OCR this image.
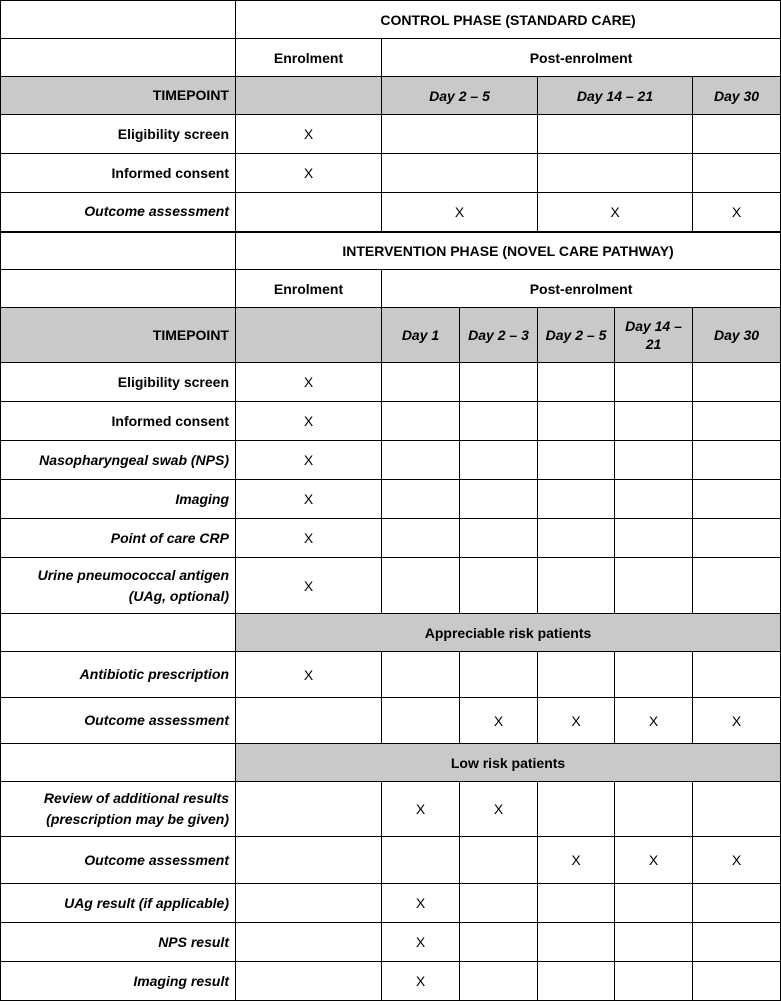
	CONTROL PHASE (STANDARD CARE)					
	Enrolment	Post-enrolment				
TIMEPOINT		Day 2 – 5		Day 14 – 21		Day 30
Eligibility screen	X					
Informed consent	X					
Outcome assessment		X		X		X
	INTERVENTION PHASE (NOVEL CARE PATHWAY)					
	Enrolment	Post-enrolment				
TIMEPOINT		Day 1	Day 2 – 3	Day 2 – 5	Day 14 – 21	Day 30
Eligibility screen	X					
Informed consent	X					
Nasopharyngeal swab (NPS)	X					
Imaging	X					
Point of care CRP	X					
Urine pneumococcal antigen
(UAg, optional)	X					
	Appreciable risk patients					
Antibiotic prescription	X					
Outcome assessment			X	X	X	X
	Low risk patients					
Review of additional results
(prescription may be given)		X	X			
Outcome assessment				X	X	X
UAg result (if applicable)		X				
NPS result		X				
Imaging result		X				
